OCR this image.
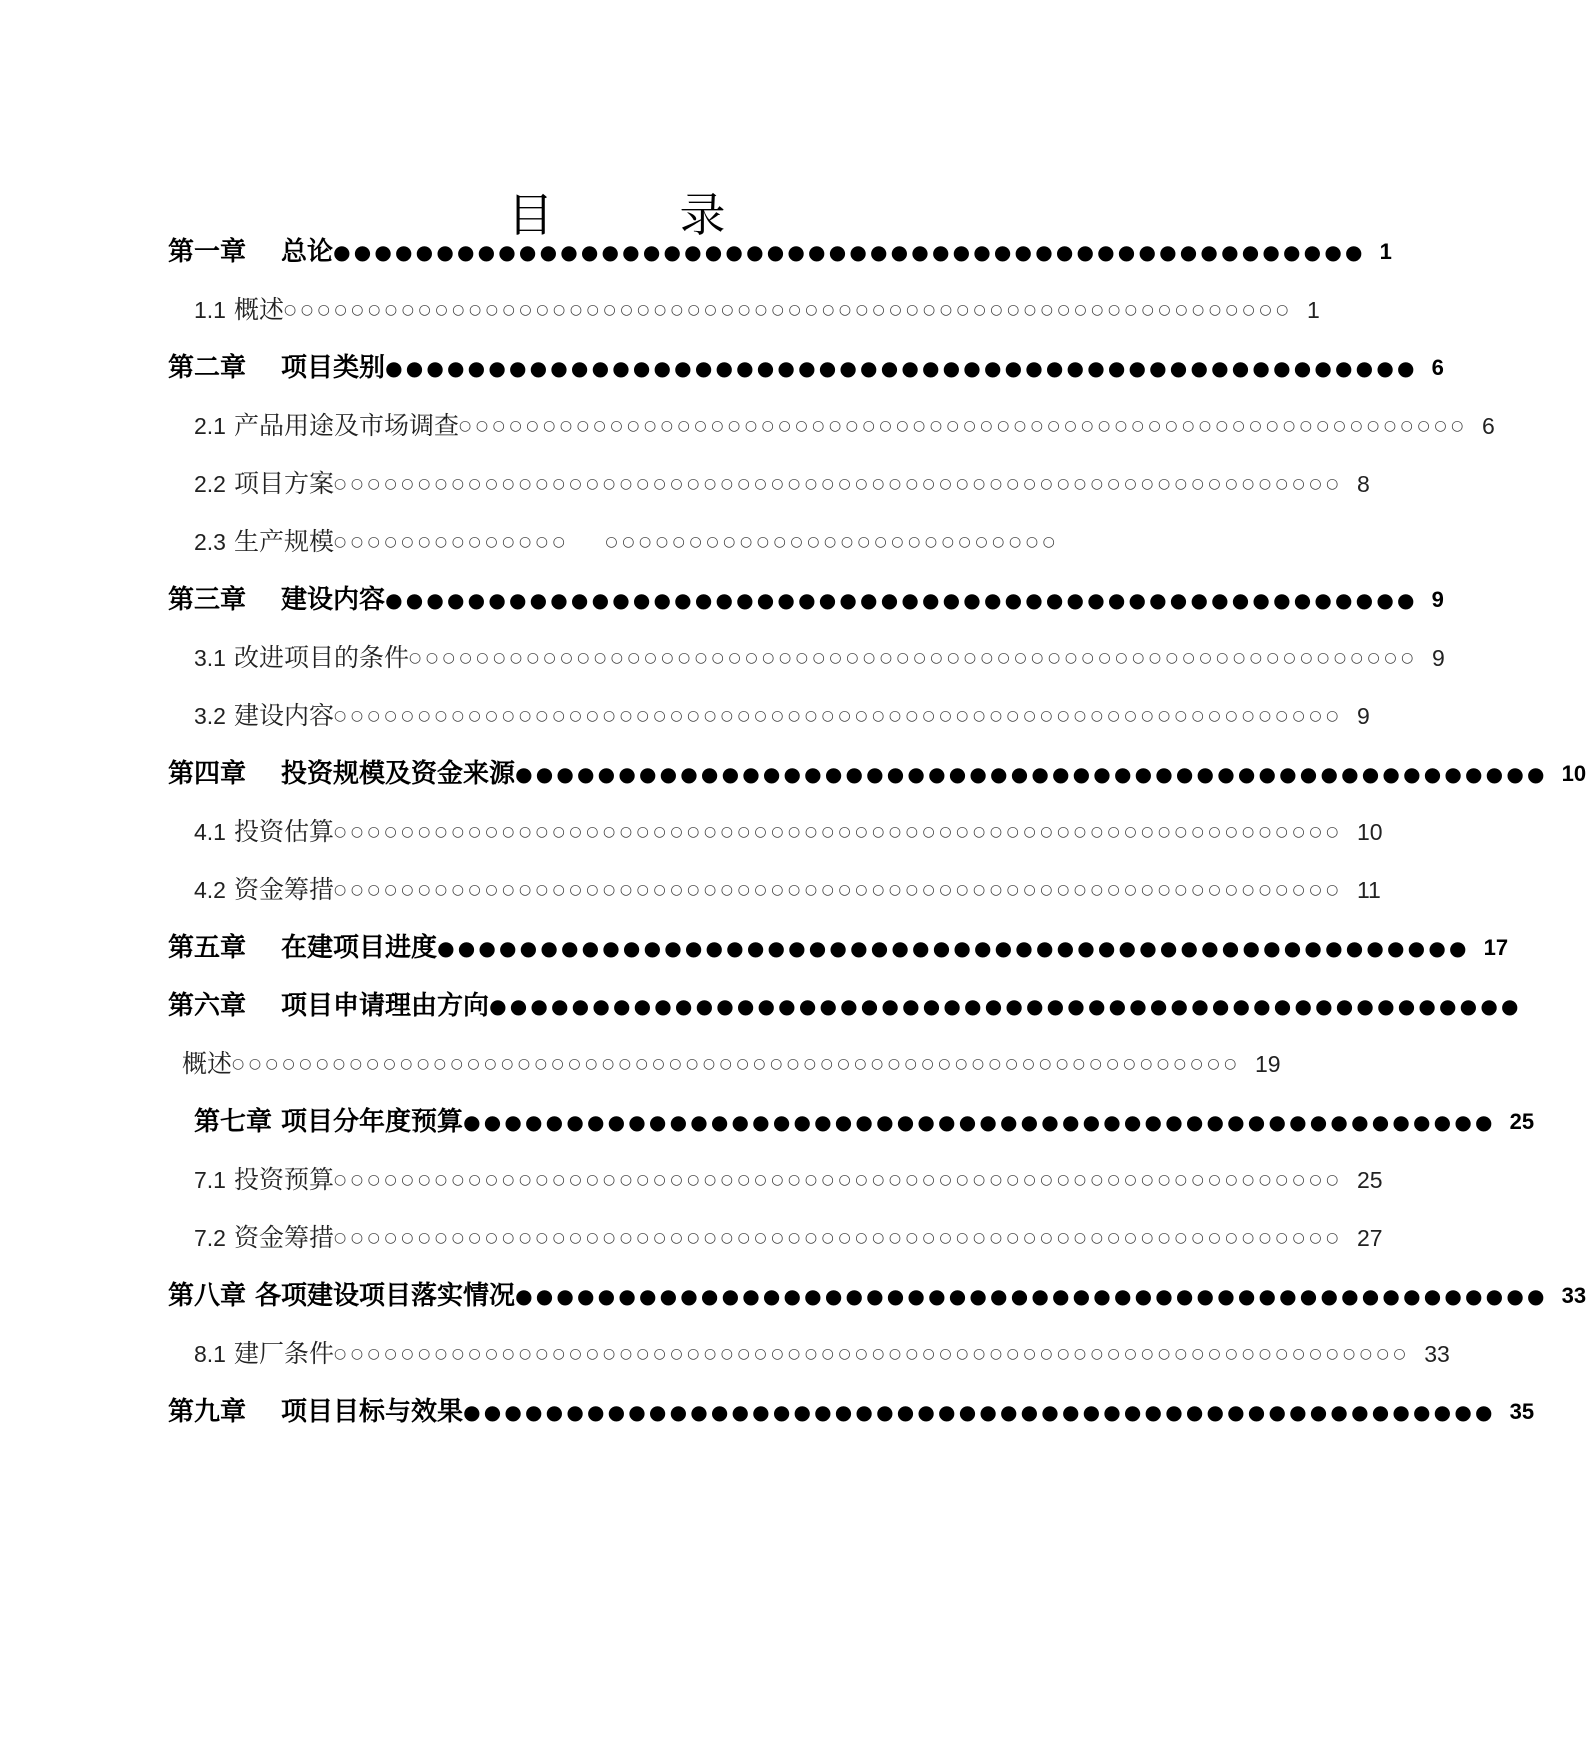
目　录
第一章　 总论 ●●●●●●●●●●●●●●●●●●●●●●●●●●●●●●●●●●●●●●●●●●●●●●●●●● 1
1.1 概述 ○○○○○○○○○○○○○○○○○○○○○○○○○○○○○○○○○○○○○○○○○○○○○○○○○○○○○○○○○○○○ 1
第二章　 项目类别 ●●●●●●●●●●●●●●●●●●●●●●●●●●●●●●●●●●●●●●●●●●●●●●●●●● 6
2.1 产品用途及市场调查 ○○○○○○○○○○○○○○○○○○○○○○○○○○○○○○○○○○○○○○○○○○○○○○○○○○○○○○○○○○○○ 6
2.2 项目方案 ○○○○○○○○○○○○○○○○○○○○○○○○○○○○○○○○○○○○○○○○○○○○○○○○○○○○○○○○○○○○ 8
2.3 生产规模 ○○○○○○○○○○○○○○	○○○○○○○○○○○○○○○○○○○○○○○○○○○
第三章　 建设内容 ●●●●●●●●●●●●●●●●●●●●●●●●●●●●●●●●●●●●●●●●●●●●●●●●●● 9
3.1 改进项目的条件 ○○○○○○○○○○○○○○○○○○○○○○○○○○○○○○○○○○○○○○○○○○○○○○○○○○○○○○○○○○○○ 9
3.2 建设内容 ○○○○○○○○○○○○○○○○○○○○○○○○○○○○○○○○○○○○○○○○○○○○○○○○○○○○○○○○○○○○ 9
第四章　 投资规模及资金来源 ●●●●●●●●●●●●●●●●●●●●●●●●●●●●●●●●●●●●●●●●●●●●●●●●●● 10
4.1 投资估算 ○○○○○○○○○○○○○○○○○○○○○○○○○○○○○○○○○○○○○○○○○○○○○○○○○○○○○○○○○○○○ 10
4.2 资金筹措 ○○○○○○○○○○○○○○○○○○○○○○○○○○○○○○○○○○○○○○○○○○○○○○○○○○○○○○○○○○○○ 11
第五章　 在建项目进度 ●●●●●●●●●●●●●●●●●●●●●●●●●●●●●●●●●●●●●●●●●●●●●●●●●● 17
第六章　 项目申请理由方向 ●●●●●●●●●●●●●●●●●●●●●●●●●●●●●●●●●●●●●●●●●●●●●●●●●●
概述 ○○○○○○○○○○○○○○○○○○○○○○○○○○○○○○○○○○○○○○○○○○○○○○○○○○○○○○○○○○○○ 19
第七章 项目分年度预算 ●●●●●●●●●●●●●●●●●●●●●●●●●●●●●●●●●●●●●●●●●●●●●●●●●● 25
7.1 投资预算 ○○○○○○○○○○○○○○○○○○○○○○○○○○○○○○○○○○○○○○○○○○○○○○○○○○○○○○○○○○○○ 25
7.2 资金筹措 ○○○○○○○○○○○○○○○○○○○○○○○○○○○○○○○○○○○○○○○○○○○○○○○○○○○○○○○○○○○○ 27
第八章 各项建设项目落实情况 ●●●●●●●●●●●●●●●●●●●●●●●●●●●●●●●●●●●●●●●●●●●●●●●●●● 33
8.1 建厂条件 ○○○○○○○○○○○○○○○○○○○○○○○○○○○○○○○○○○○○○○○○○○○○○○○○○○○○○○○○○○○○○○○○ 33
第九章　 项目目标与效果 ●●●●●●●●●●●●●●●●●●●●●●●●●●●●●●●●●●●●●●●●●●●●●●●●●● 35
